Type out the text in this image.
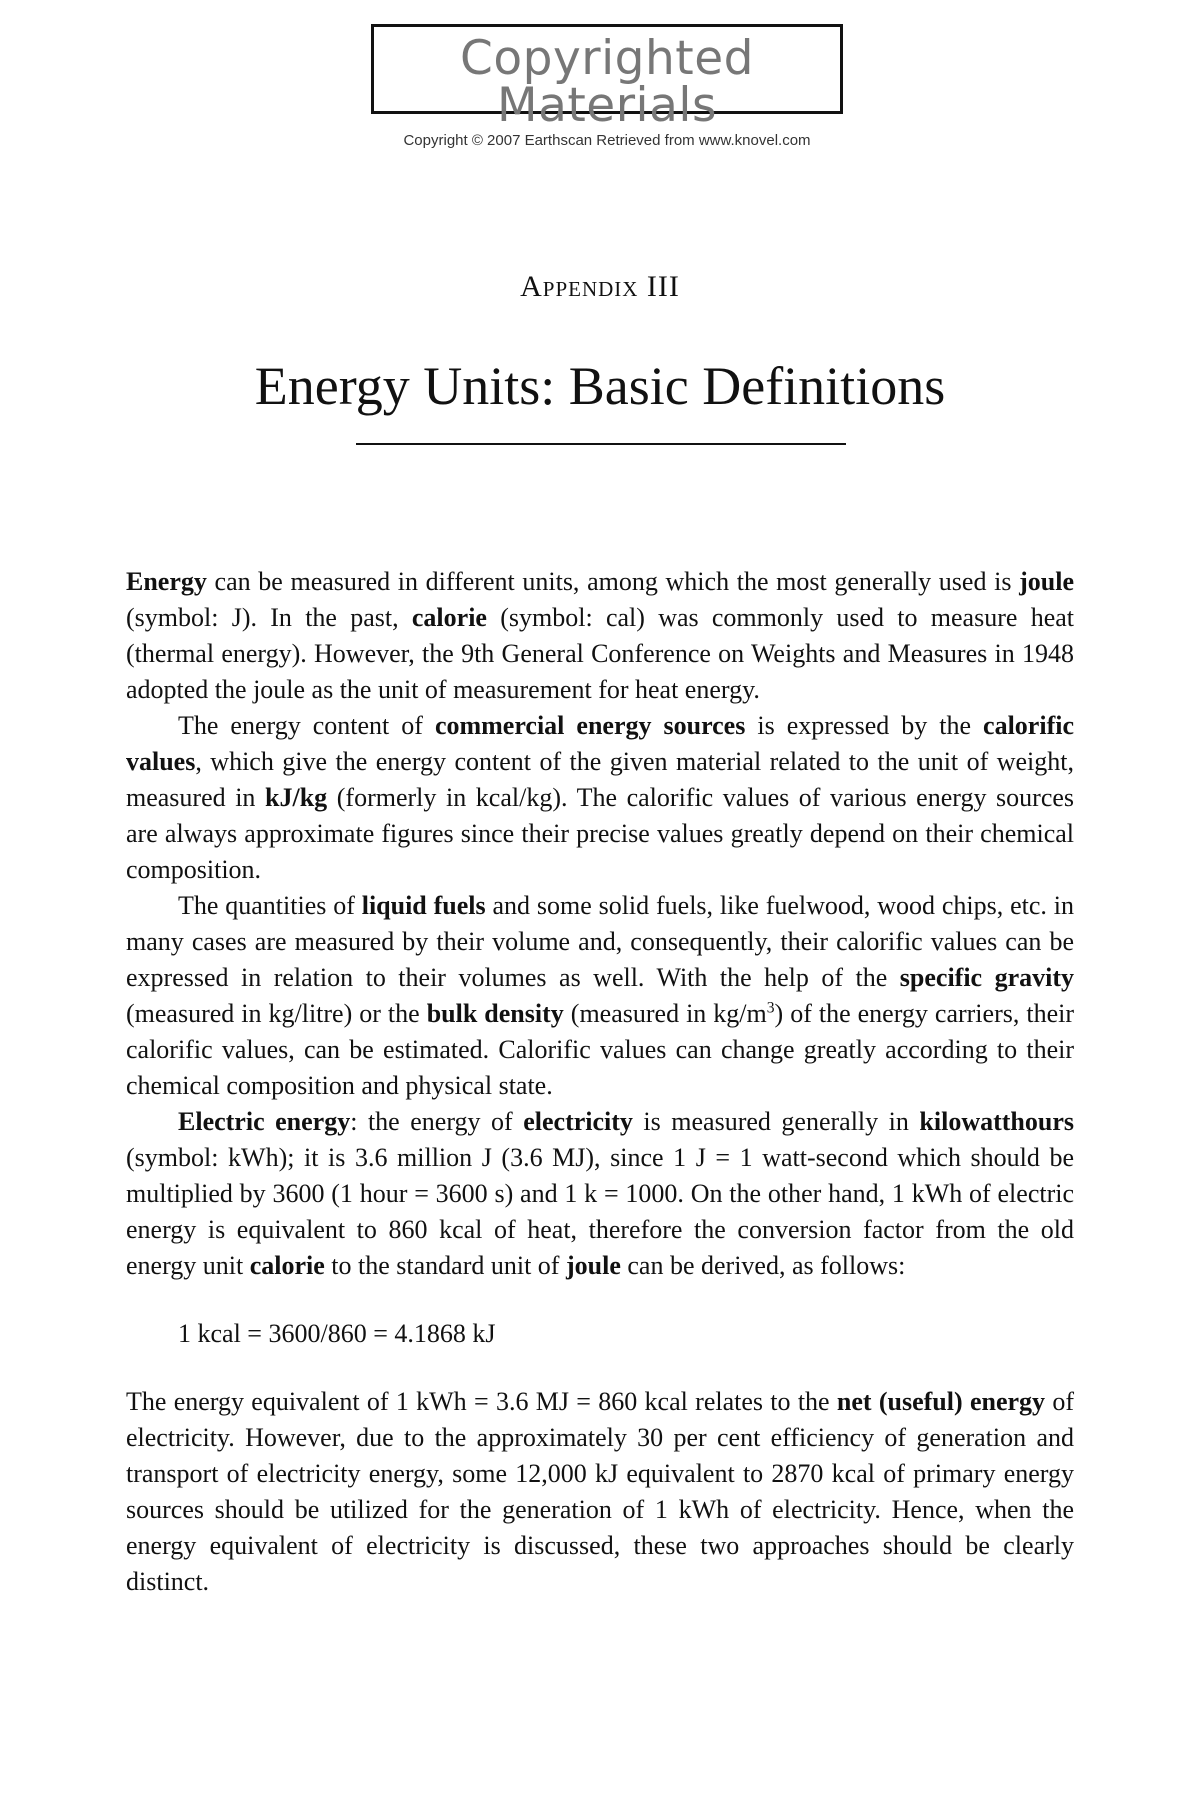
Copyrighted Materials
Copyright © 2007 Earthscan Retrieved from www.knovel.com
Appendix III
Energy Units: Basic Definitions

Energy can be measured in different units, among which the most generally used is joule (symbol: J). In the past, calorie (symbol: cal) was commonly used to measure heat (thermal energy). However, the 9th General Conference on Weights and Measures in 1948 adopted the joule as the unit of measurement for heat energy.

The energy content of commercial energy sources is expressed by the calorific values, which give the energy content of the given material related to the unit of weight, measured in kJ/kg (formerly in kcal/kg). The calorific values of various energy sources are always approximate figures since their precise values greatly depend on their chemical composition.

The quantities of liquid fuels and some solid fuels, like fuelwood, wood chips, etc. in many cases are measured by their volume and, consequently, their calorific values can be expressed in relation to their volumes as well. With the help of the specific gravity (measured in kg/litre) or the bulk density (measured in $kg/m^3$) of the energy carriers, their calorific values, can be estimated. Calorific values can change greatly according to their chemical composition and physical state.

Electric energy: the energy of electricity is measured generally in kilowatthours (symbol: kWh); it is 3.6 million J (3.6 MJ), since 1 J = 1 watt-second which should be multiplied by 3600 (1 hour = 3600 s) and 1 k = 1000. On the other hand, 1 kWh of electric energy is equivalent to 860 kcal of heat, therefore the conversion factor from the old energy unit calorie to the standard unit of joule can be derived, as follows:

1 kcal = 3600/860 = 4.1868 kJ

The energy equivalent of 1 kWh = 3.6 MJ = 860 kcal relates to the net (useful) energy of electricity. However, due to the approximately 30 per cent efficiency of generation and transport of electricity energy, some 12,000 kJ equivalent to 2870 kcal of primary energy sources should be utilized for the generation of 1 kWh of electricity. Hence, when the energy equivalent of electricity is discussed, these two approaches should be clearly distinct.
